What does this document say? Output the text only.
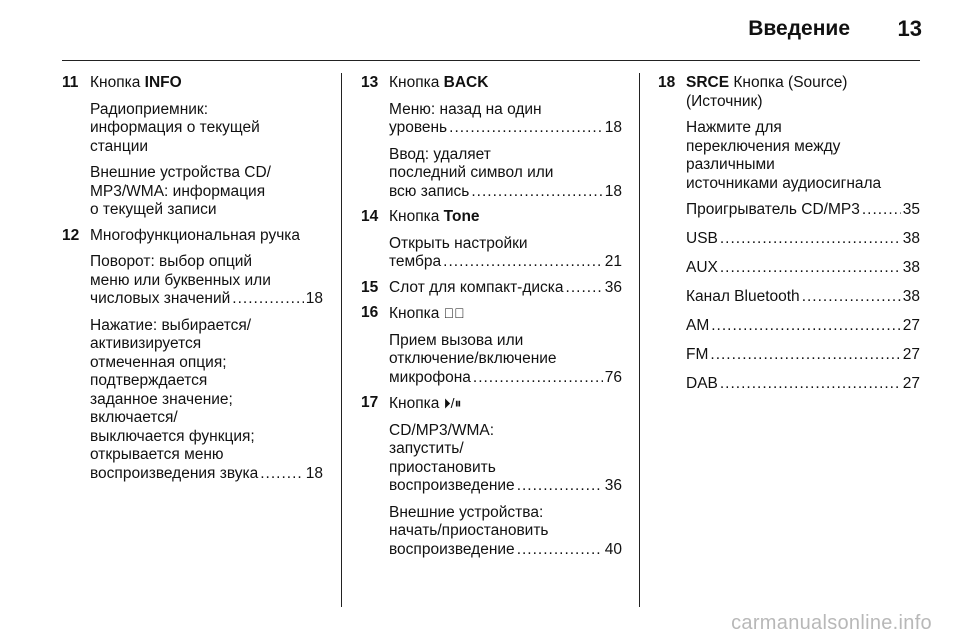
Введение 13
11 Кнопка INFO
Радиоприемник:
информация о текущей
станции
Внешние устройства CD/
MP3/WMA: информация
о текущей записи
12 Многофункциональная ручка
Поворот: выбор опций
меню или буквенных или
числовых значений .....	18
Нажатие: выбирается/
активизируется
отмеченная опция;
подтверждается
заданное значение;
включается/
выключается функция;
открывается меню
воспроизведения звука .....	18
13 Кнопка BACK
Меню: назад на один
уровень .....	18
Ввод: удаляет
последний символ или
всю запись .....	18
14 Кнопка Tone
Открыть настройки
тембра .....	21
15 Слот для компакт-диска .....	36
16 Кнопка ✆⃠
Прием вызова или
отключение/включение
микрофона .....	76
17 Кнопка ⏵/⏸
CD/MP3/WMA:
запустить/
приостановить
воспроизведение .....	36
Внешние устройства:
начать/приостановить
воспроизведение .....	40
18 SRCE Кнопка (Source)
(Источник)
Нажмите для
переключения между
различными
источниками аудиосигнала
Проигрыватель CD/MP3 .....	35
USB .....	38
AUX .....	38
Канал Bluetooth .....	38
AM .....	27
FM .....	27
DAB .....	27
carmanualsonline.info
